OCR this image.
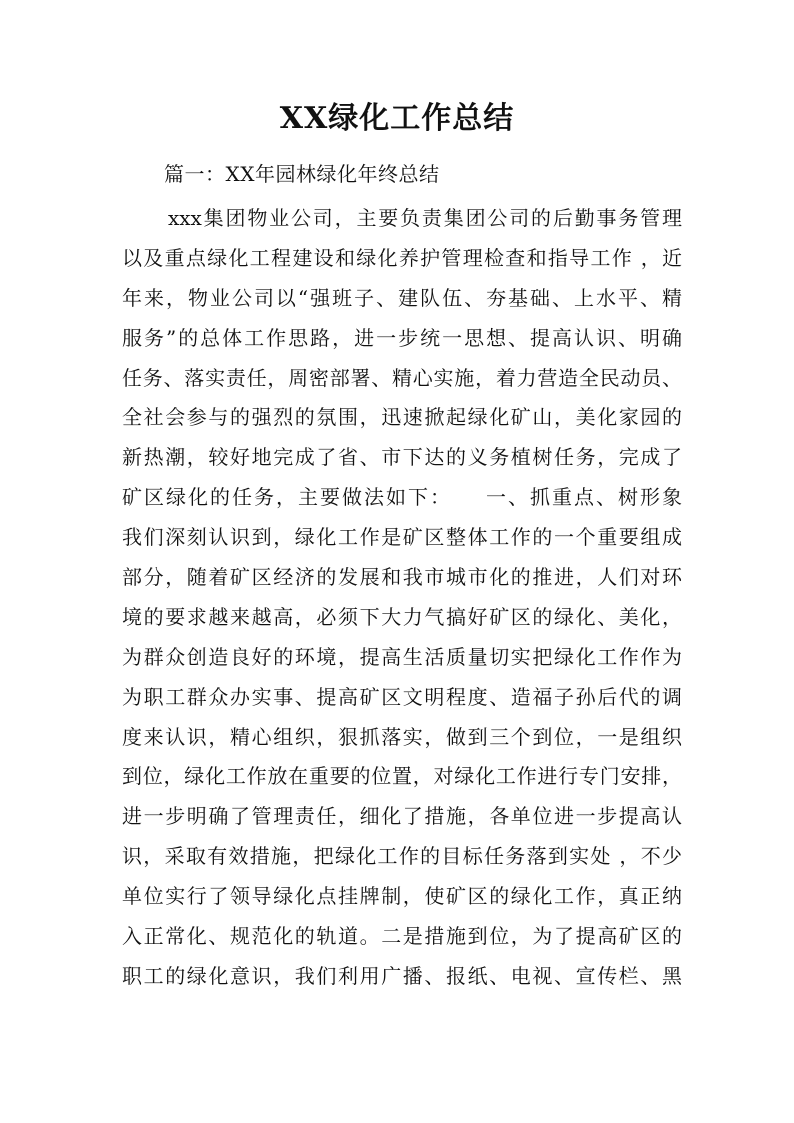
XX绿化工作总结
篇一：XX年园林绿化年终总结
xxx集团物业公司，主要负责集团公司的后勤事务管理
以及重点绿化工程建设和绿化养护管理检查和指导工作 ，近
年来，物业公司以“强班子、建队伍、夯基础、上水平、精
服务”的总体工作思路，进一步统一思想、提高认识、明确
任务、落实责任，周密部署、精心实施，着力营造全民动员、
全社会参与的强烈的氛围，迅速掀起绿化矿山，美化家园的
新热潮，较好地完成了省、市下达的义务植树任务，完成了
矿区绿化的任务，主要做法如下：　　一、抓重点、树形象
我们深刻认识到，绿化工作是矿区整体工作的一个重要组成
部分，随着矿区经济的发展和我市城市化的推进，人们对环
境的要求越来越高，必须下大力气搞好矿区的绿化、美化，
为群众创造良好的环境，提高生活质量切实把绿化工作作为
为职工群众办实事、提高矿区文明程度、造福子孙后代的调
度来认识，精心组织，狠抓落实，做到三个到位，一是组织
到位，绿化工作放在重要的位置，对绿化工作进行专门安排，
进一步明确了管理责任，细化了措施，各单位进一步提高认
识，采取有效措施，把绿化工作的目标任务落到实处 ，不少
单位实行了领导绿化点挂牌制，使矿区的绿化工作，真正纳
入正常化、规范化的轨道。二是措施到位，为了提高矿区的
职工的绿化意识，我们利用广播、报纸、电视、宣传栏、黑
